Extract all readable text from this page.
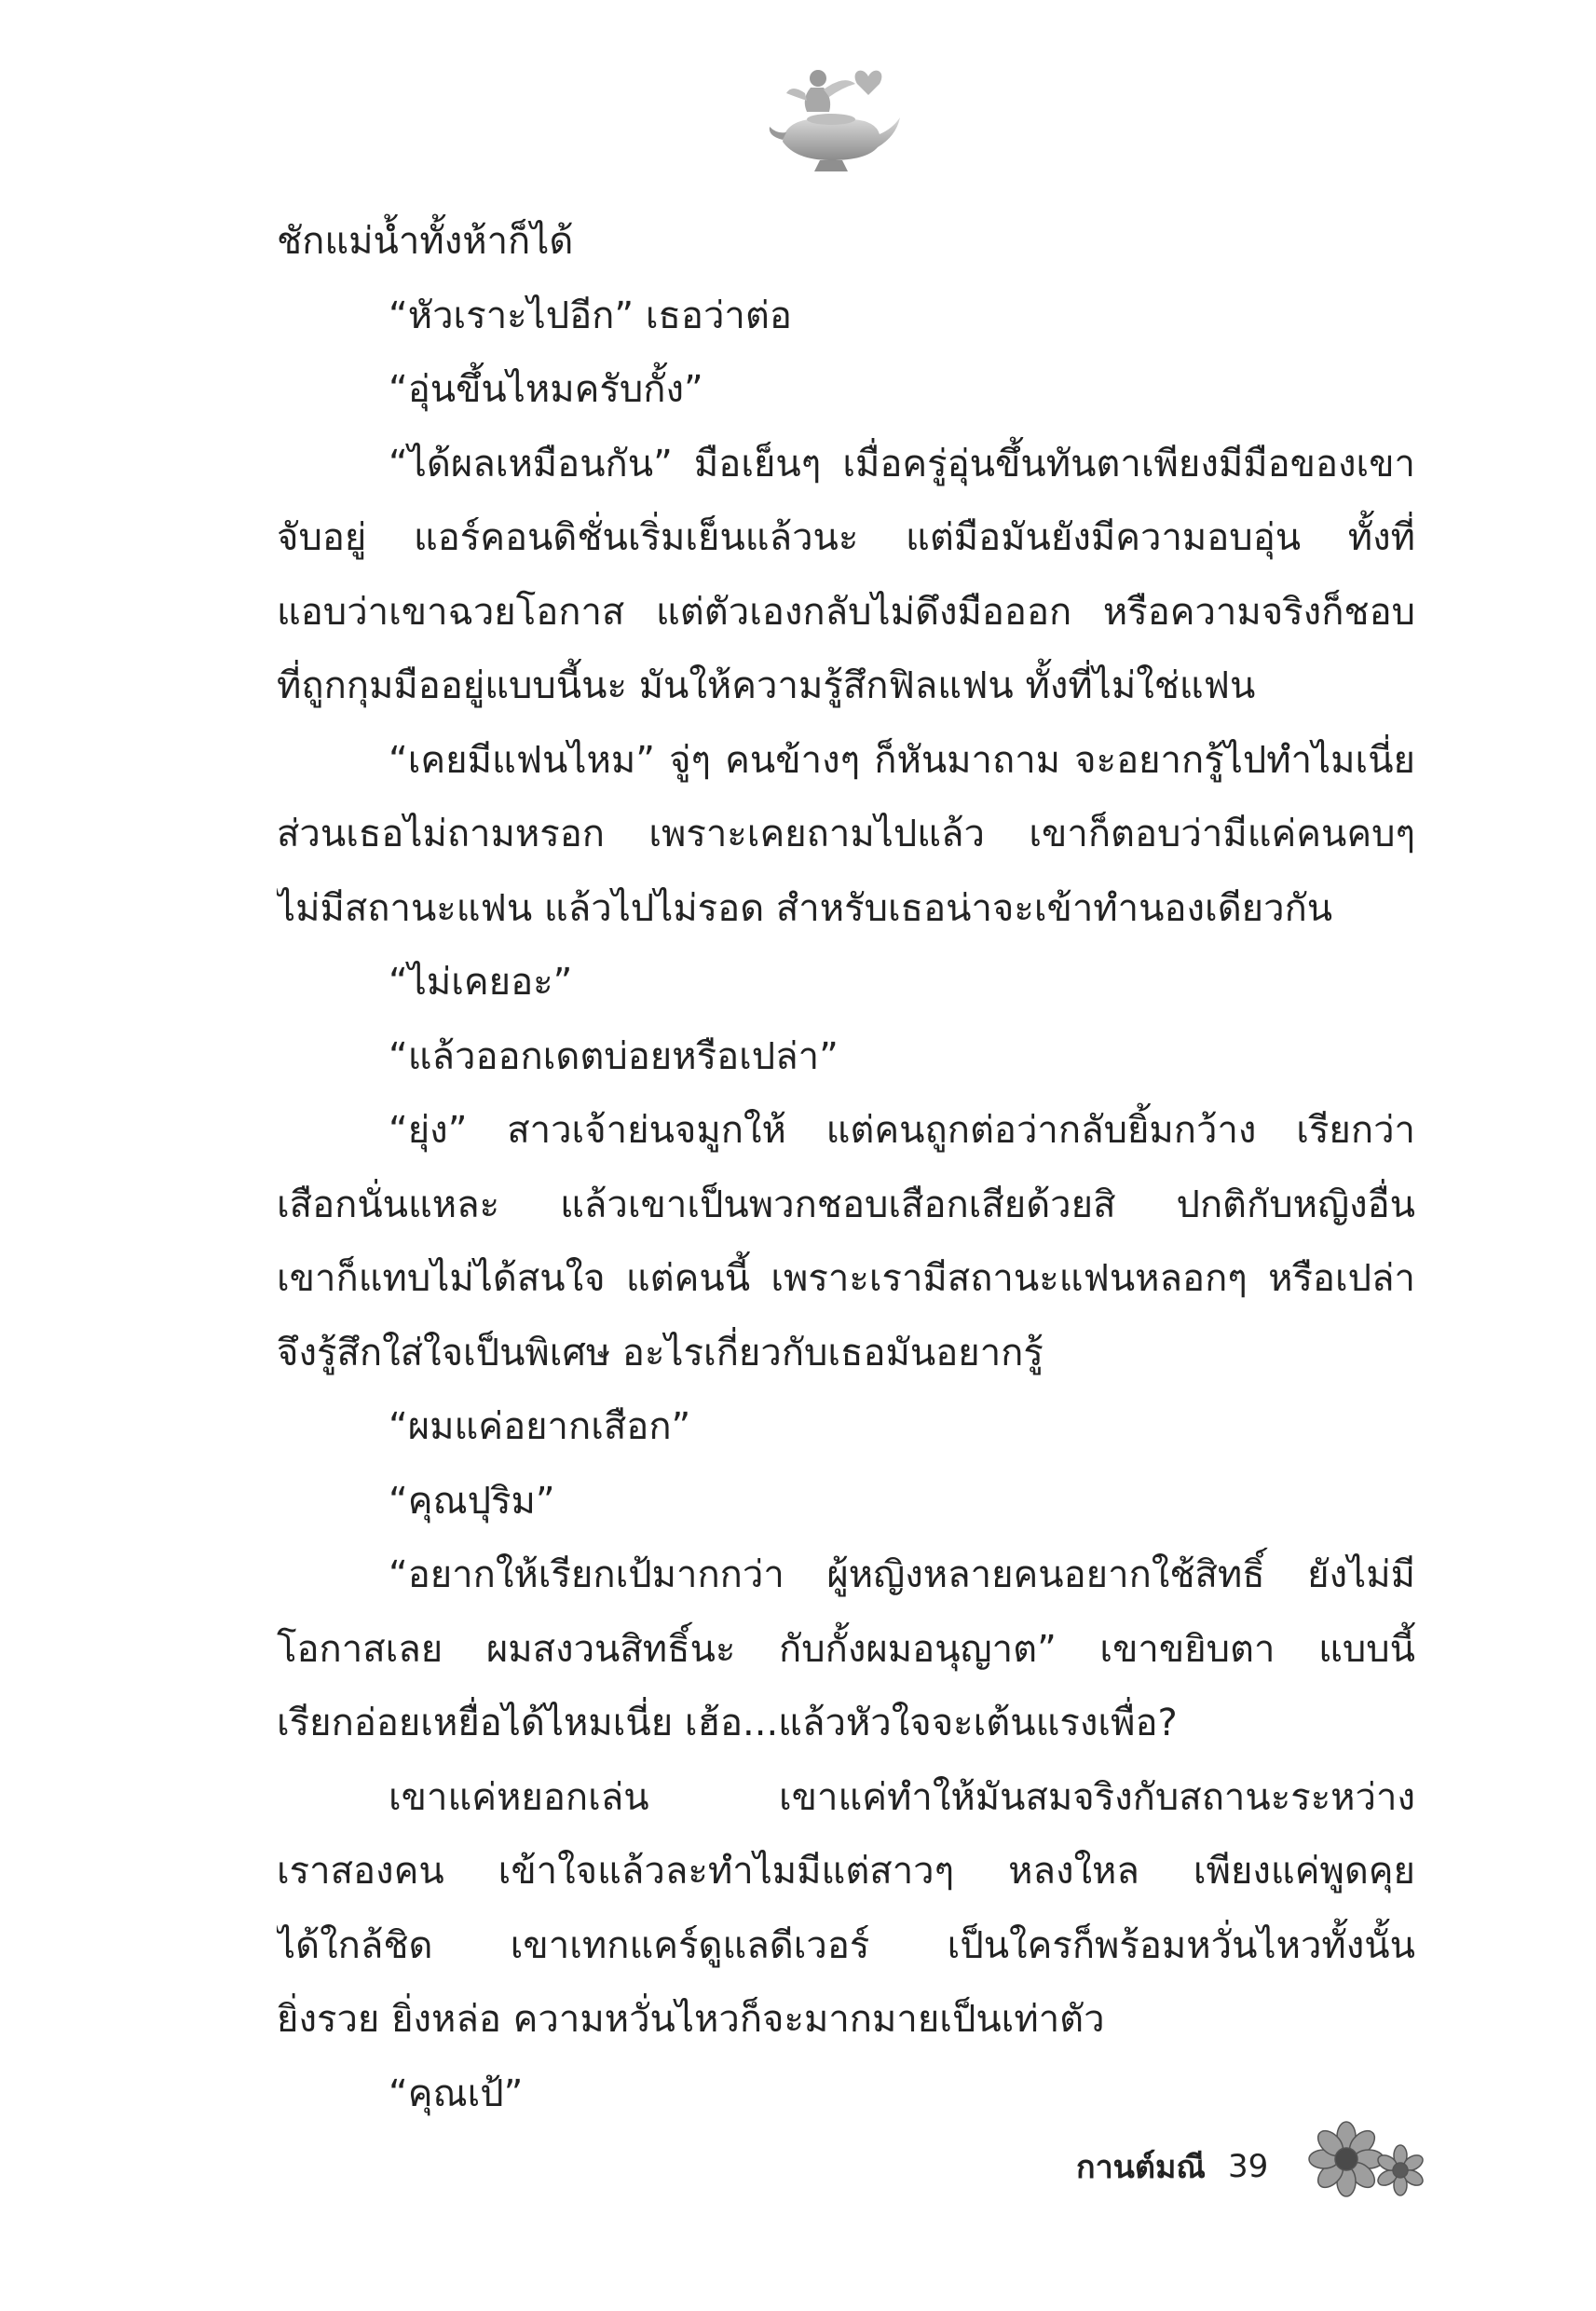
ชักแม่น้ำทั้งห้าก็ได้
“หัวเราะไปอีก” เธอว่าต่อ
“อุ่นขึ้นไหมครับกั้ง”
“ได้ผลเหมือนกัน” มือเย็นๆ เมื่อครู่อุ่นขึ้นทันตาเพียงมีมือของเขา
จับอยู่ แอร์คอนดิชั่นเริ่มเย็นแล้วนะ แต่มือมันยังมีความอบอุ่น ทั้งที่
แอบว่าเขาฉวยโอกาส แต่ตัวเองกลับไม่ดึงมือออก หรือความจริงก็ชอบ
ที่ถูกกุมมืออยู่แบบนี้นะ มันให้ความรู้สึกฟิลแฟน ทั้งที่ไม่ใช่แฟน
“เคยมีแฟนไหม” จู่ๆ คนข้างๆ ก็หันมาถาม จะอยากรู้ไปทำไมเนี่ย
ส่วนเธอไม่ถามหรอก เพราะเคยถามไปแล้ว เขาก็ตอบว่ามีแค่คนคบๆ
ไม่มีสถานะแฟน แล้วไปไม่รอด สำหรับเธอน่าจะเข้าทำนองเดียวกัน
“ไม่เคยอะ”
“แล้วออกเดตบ่อยหรือเปล่า”
“ยุ่ง” สาวเจ้าย่นจมูกให้ แต่คนถูกต่อว่ากลับยิ้มกว้าง เรียกว่า
เสือกนั่นแหละ แล้วเขาเป็นพวกชอบเสือกเสียด้วยสิ ปกติกับหญิงอื่น
เขาก็แทบไม่ได้สนใจ แต่คนนี้ เพราะเรามีสถานะแฟนหลอกๆ หรือเปล่า
จึงรู้สึกใส่ใจเป็นพิเศษ อะไรเกี่ยวกับเธอมันอยากรู้
“ผมแค่อยากเสือก”
“คุณปุริม”
“อยากให้เรียกเป้มากกว่า ผู้หญิงหลายคนอยากใช้สิทธิ์ ยังไม่มี
โอกาสเลย ผมสงวนสิทธิ์นะ กับกั้งผมอนุญาต” เขาขยิบตา แบบนี้
เรียกอ่อยเหยื่อได้ไหมเนี่ย เฮ้อ...แล้วหัวใจจะเต้นแรงเพื่อ?
เขาแค่หยอกเล่น เขาแค่ทำให้มันสมจริงกับสถานะระหว่าง
เราสองคน เข้าใจแล้วละทำไมมีแต่สาวๆ หลงใหล เพียงแค่พูดคุย
ได้ใกล้ชิด เขาเทกแคร์ดูแลดีเวอร์ เป็นใครก็พร้อมหวั่นไหวทั้งนั้น
ยิ่งรวย ยิ่งหล่อ ความหวั่นไหวก็จะมากมายเป็นเท่าตัว
“คุณเป้”
กานต์มณี 39
